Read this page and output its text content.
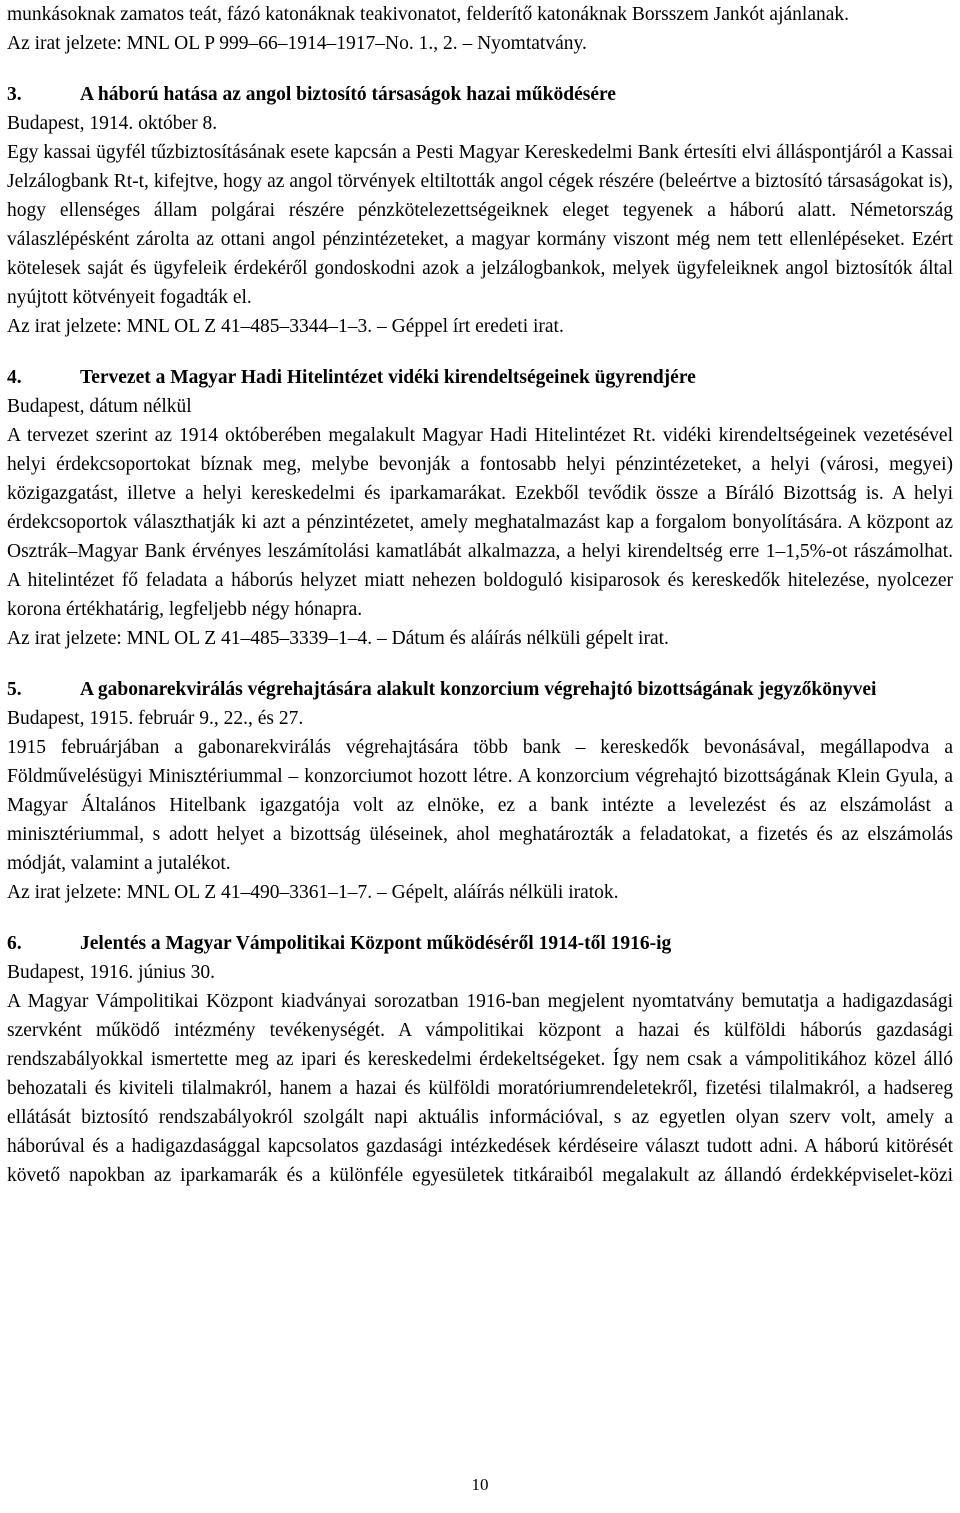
munkásoknak zamatos teát, fázó katonáknak teakivonatot, felderítő katonáknak Borsszem Jankót ajánlanak.

Az irat jelzete: MNL OL P 999–66–1914–1917–No. 1., 2. – Nyomtatvány.

3.	A háború hatása az angol biztosító társaságok hazai működésére

Budapest, 1914. október 8.

Egy kassai ügyfél tűzbiztosításának esete kapcsán a Pesti Magyar Kereskedelmi Bank értesíti elvi álláspontjáról a Kassai Jelzálogbank Rt-t, kifejtve, hogy az angol törvények eltiltották angol cégek részére (beleértve a biztosító társaságokat is), hogy ellenséges állam polgárai részére pénzkötelezettségeiknek eleget tegyenek a háború alatt. Németország válaszlépésként zárolta az ottani angol pénzintézeteket, a magyar kormány viszont még nem tett ellenlépéseket. Ezért kötelesek saját és ügyfeleik érdekéről gondoskodni azok a jelzálogbankok, melyek ügyfeleiknek angol biztosítók által nyújtott kötvényeit fogadták el.

Az irat jelzete: MNL OL Z 41–485–3344–1–3. – Géppel írt eredeti irat.

4.	Tervezet a Magyar Hadi Hitelintézet vidéki kirendeltségeinek ügyrendjére

Budapest, dátum nélkül

A tervezet szerint az 1914 októberében megalakult Magyar Hadi Hitelintézet Rt. vidéki kirendeltségeinek vezetésével helyi érdekcsoportokat bíznak meg, melybe bevonják a fontosabb helyi pénzintézeteket, a helyi (városi, megyei) közigazgatást, illetve a helyi kereskedelmi és iparkamarákat. Ezekből tevődik össze a Bíráló Bizottság is. A helyi érdekcsoportok választhatják ki azt a pénzintézetet, amely meghatalmazást kap a forgalom bonyolítására. A központ az Osztrák–Magyar Bank érvényes leszámítolási kamatlábát alkalmazza, a helyi kirendeltség erre 1–1,5%-ot rászámolhat. A hitelintézet fő feladata a háborús helyzet miatt nehezen boldoguló kisiparosok és kereskedők hitelezése, nyolcezer korona értékhatárig, legfeljebb négy hónapra.

Az irat jelzete: MNL OL Z 41–485–3339–1–4. – Dátum és aláírás nélküli gépelt irat.

5.	A gabonarekvirálás végrehajtására alakult konzorcium végrehajtó bizottságának jegyzőkönyvei

Budapest, 1915. február 9., 22., és 27.

1915 februárjában a gabonarekvirálás végrehajtására több bank – kereskedők bevonásával, megállapodva a Földművelésügyi Minisztériummal – konzorciumot hozott létre. A konzorcium végrehajtó bizottságának Klein Gyula, a Magyar Általános Hitelbank igazgatója volt az elnöke, ez a bank intézte a levelezést és az elszámolást a minisztériummal, s adott helyet a bizottság üléseinek, ahol meghatározták a feladatokat, a fizetés és az elszámolás módját, valamint a jutalékot.

Az irat jelzete: MNL OL Z 41–490–3361–1–7. – Gépelt, aláírás nélküli iratok.

6.	Jelentés a Magyar Vámpolitikai Központ működéséről 1914-től 1916-ig

Budapest, 1916. június 30.

A Magyar Vámpolitikai Központ kiadványai sorozatban 1916-ban megjelent nyomtatvány bemutatja a hadigazdasági szervként működő intézmény tevékenységét. A vámpolitikai központ a hazai és külföldi háborús gazdasági rendszabályokkal ismertette meg az ipari és kereskedelmi érdekeltségeket. Így nem csak a vámpolitikához közel álló behozatali és kiviteli tilalmakról, hanem a hazai és külföldi moratóriumrendeletekről, fizetési tilalmakról, a hadsereg ellátását biztosító rendszabályokról szolgált napi aktuális információval, s az egyetlen olyan szerv volt, amely a háborúval és a hadigazdasággal kapcsolatos gazdasági intézkedések kérdéseire választ tudott adni. A háború kitörését követő napokban az iparkamarák és a különféle egyesületek titkáraiból megalakult az állandó érdekképviselet-közi

10
